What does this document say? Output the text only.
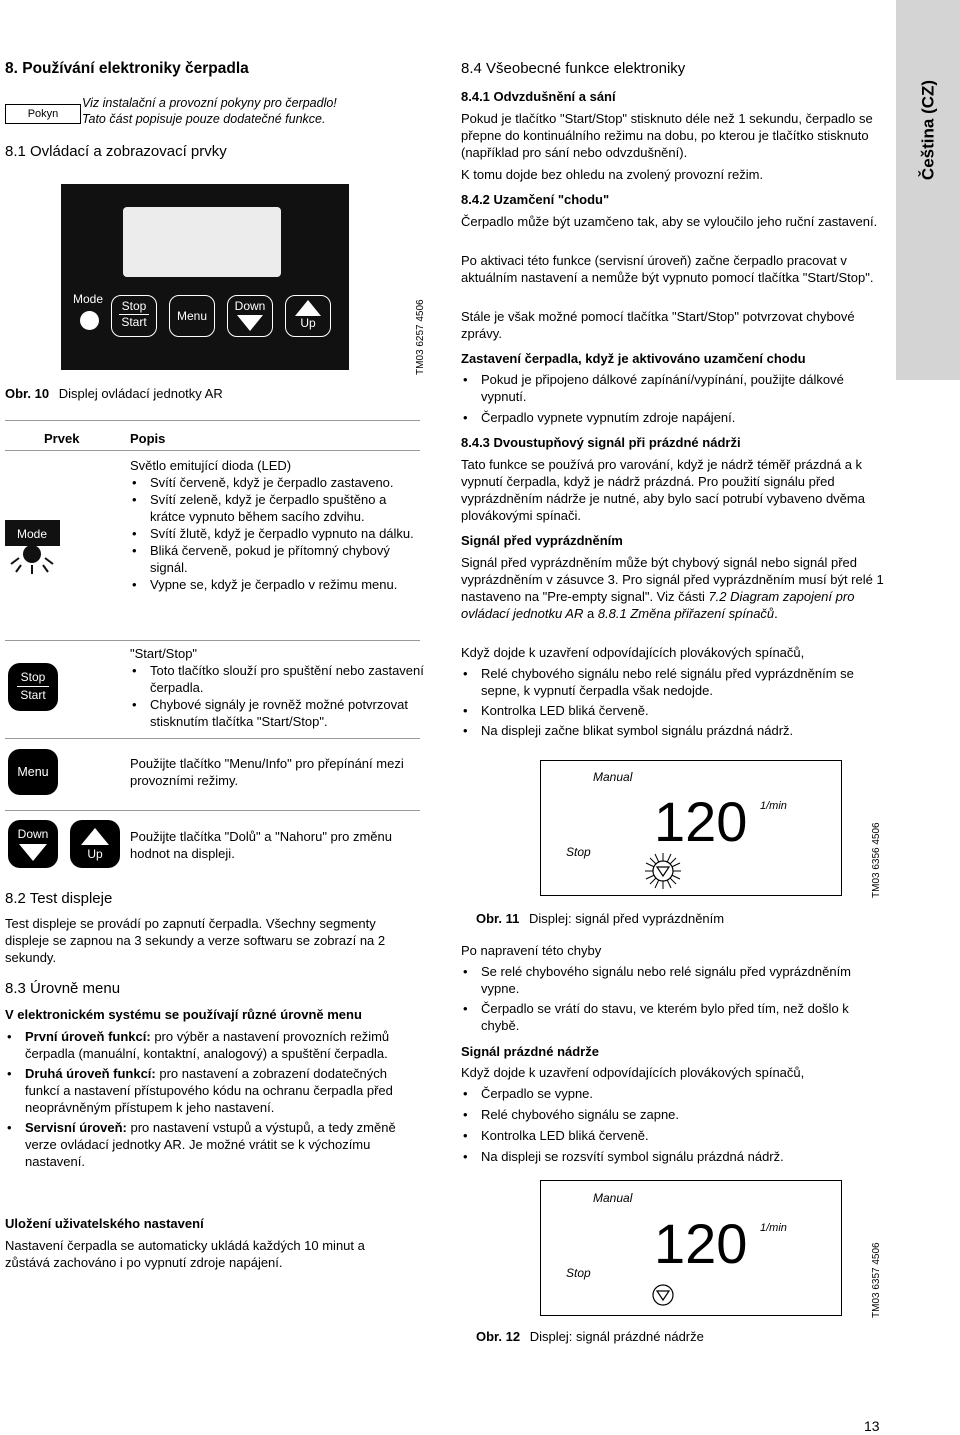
Čeština (CZ)
8. Používání elektroniky čerpadla
Pokyn
Viz instalační a provozní pokyny pro čerpadlo!
Tato část popisuje pouze dodatečné funkce.
8.1 Ovládací a zobrazovací prvky
Mode	Stop
Start	Menu
Down
Up	TM03 6257 4506
Obr. 10 Displej ovládací jednotky AR
Prvek	Popis
Mode

Světlo emitující dioda (LED)

• Svítí červeně, když je čerpadlo zastaveno.
• Svítí zeleně, když je čerpadlo spuštěno a krátce vypnuto během sacího zdvihu.
• Svítí žlutě, když je čerpadlo vypnuto na dálku.
• Bliká červeně, pokud je přítomný chybový signál.
• Vypne se, když je čerpadlo v režimu menu.
Stop
Start

"Start/Stop"

• Toto tlačítko slouží pro spuštění nebo zastavení čerpadla.
• Chybové signály je rovněž možné potvrzovat stisknutím tlačítka "Start/Stop".
Menu
Použijte tlačítko "Menu/Info" pro přepínání mezi provozními režimy.
Down
Up
Použijte tlačítka "Dolů" a "Nahoru" pro změnu hodnot na displeji.
8.2 Test displeje

Test displeje se provádí po zapnutí čerpadla. Všechny segmenty displeje se zapnou na 3 sekundy a verze softwaru se zobrazí na 2 sekundy.

8.3 Úrovně menu

V elektronickém systému se používají různé úrovně menu

• První úroveň funkcí: pro výběr a nastavení provozních režimů čerpadla (manuální, kontaktní, analogový) a spuštění čerpadla.
• Druhá úroveň funkcí: pro nastavení a zobrazení dodatečných funkcí a nastavení přístupového kódu na ochranu čerpadla před neoprávněným přístupem k jeho nastavení.
• Servisní úroveň: pro nastavení vstupů a výstupů, a tedy změně verze ovládací jednotky AR. Je možné vrátit se k výchozímu nastavení.

Uložení uživatelského nastavení

Nastavení čerpadla se automaticky ukládá každých 10 minut a zůstává zachováno i po vypnutí zdroje napájení.

8.4 Všeobecné funkce elektroniky
8.4.1 Odvzdušnění a sání

Pokud je tlačítko "Start/Stop" stisknuto déle než 1 sekundu, čerpadlo se přepne do kontinuálního režimu na dobu, po kterou je tlačítko stisknuto (například pro sání nebo odvzdušnění).

K tomu dojde bez ohledu na zvolený provozní režim.

8.4.2 Uzamčení "chodu"

Čerpadlo může být uzamčeno tak, aby se vyloučilo jeho ruční zastavení.

Po aktivaci této funkce (servisní úroveň) začne čerpadlo pracovat v aktuálním nastavení a nemůže být vypnuto pomocí tlačítka "Start/Stop".

Stále je však možné pomocí tlačítka "Start/Stop" potvrzovat chybové zprávy.

Zastavení čerpadla, když je aktivováno uzamčení chodu

• Pokud je připojeno dálkové zapínání/vypínání, použijte dálkové vypnutí.
• Čerpadlo vypnete vypnutím zdroje napájení.
8.4.3 Dvoustupňový signál při prázdné nádrži

Tato funkce se používá pro varování, když je nádrž téměř prázdná a k vypnutí čerpadla, když je nádrž prázdná. Pro použití signálu před vyprázdněním nádrže je nutné, aby bylo sací potrubí vybaveno dvěma plovákovými spínači.

Signál před vyprázdněním

Signál před vyprázdněním může být chybový signál nebo signál před vyprázdněním v zásuvce 3. Pro signál před vyprázdněním musí být relé 1 nastaveno na "Pre-empty signal". Viz části 7.2 Diagram zapojení pro ovládací jednotku AR a 8.8.1 Změna přiřazení spínačů.

Když dojde k uzavření odpovídajících plovákových spínačů,

• Relé chybového signálu nebo relé signálu před vyprázdněním se sepne, k vypnutí čerpadla však nedojde.
• Kontrolka LED bliká červeně.
• Na displeji začne blikat symbol signálu prázdná nádrž.
Manual
120 1/min
Stop	TM03 6356 4506
Obr. 11 Displej: signál před vyprázdněním

Po napravení této chyby

• Se relé chybového signálu nebo relé signálu před vyprázdněním vypne.
• Čerpadlo se vrátí do stavu, ve kterém bylo před tím, než došlo k chybě.

Signál prázdné nádrže

Když dojde k uzavření odpovídajících plovákových spínačů,

• Čerpadlo se vypne.
• Relé chybového signálu se zapne.
• Kontrolka LED bliká červeně.
• Na displeji se rozsvítí symbol signálu prázdná nádrž.
Manual
120 1/min
Stop	TM03 6357 4506
Obr. 12 Displej: signál prázdné nádrže
13
